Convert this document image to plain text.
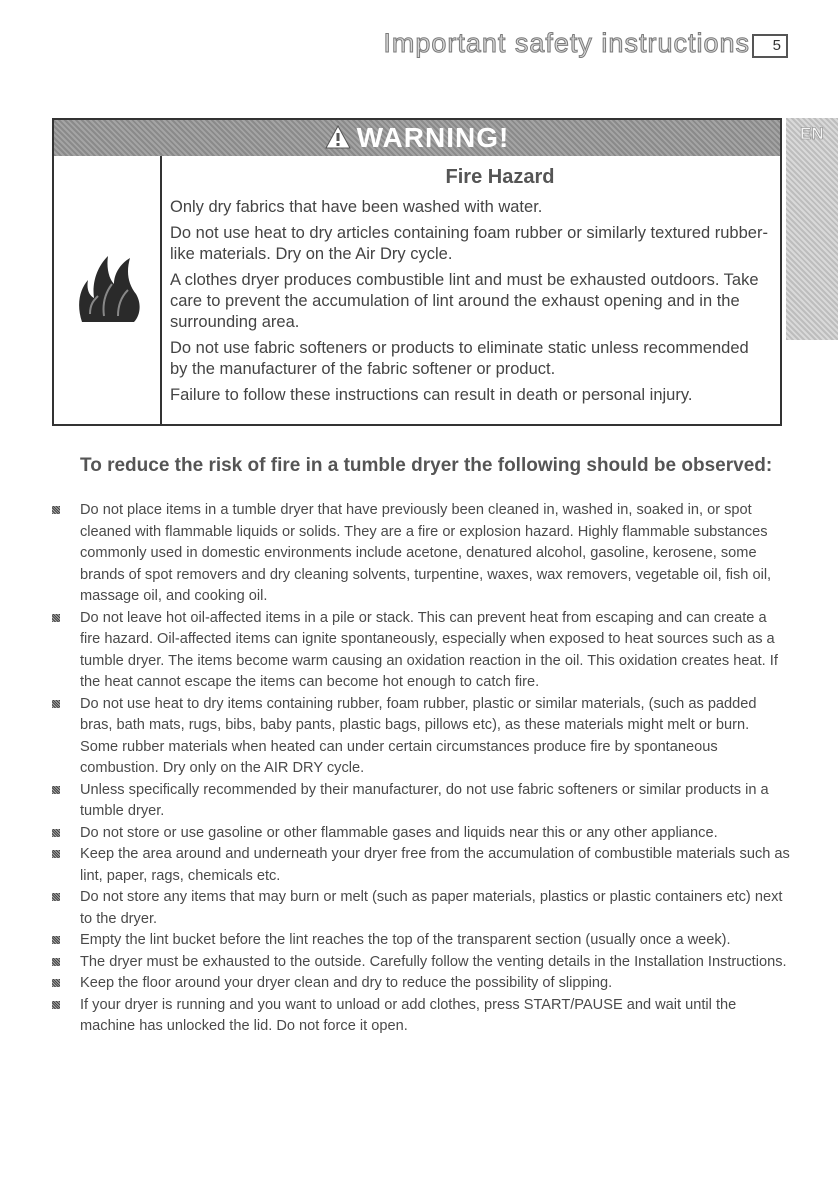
Important safety instructions	5
EN
WARNING!

Fire Hazard

Only dry fabrics that have been washed with water.

Do not use heat to dry articles containing foam rubber or similarly textured rubber-like materials. Dry on the Air Dry cycle.

A clothes dryer produces combustible lint and must be exhausted outdoors. Take care to prevent the accumulation of lint around the exhaust opening and in the surrounding area.

Do not use fabric softeners or products to eliminate static unless recommended by the manufacturer of the fabric softener or product.

Failure to follow these instructions can result in death or personal injury.

To reduce the risk of fire in a tumble dryer the following should be observed:
Do not place items in a tumble dryer that have previously been cleaned in, washed in, soaked in, or spot cleaned with flammable liquids or solids. They are a fire or explosion hazard. Highly flammable substances commonly used in domestic environments include acetone, denatured alcohol, gasoline, kerosene, some brands of spot removers and dry cleaning solvents, turpentine, waxes, wax removers, vegetable oil, fish oil, massage oil, and cooking oil.
Do not leave hot oil-affected items in a pile or stack. This can prevent heat from escaping and can create a fire hazard. Oil-affected items can ignite spontaneously, especially when exposed to heat sources such as a tumble dryer. The items become warm causing an oxidation reaction in the oil. This oxidation creates heat. If the heat cannot escape the items can become hot enough to catch fire.
Do not use heat to dry items containing rubber, foam rubber, plastic or similar materials, (such as padded bras, bath mats, rugs, bibs, baby pants, plastic bags, pillows etc), as these materials might melt or burn. Some rubber materials when heated can under certain circumstances produce fire by spontaneous combustion. Dry only on the AIR DRY cycle.
Unless specifically recommended by their manufacturer, do not use fabric softeners or similar products in a tumble dryer.
Do not store or use gasoline or other flammable gases and liquids near this or any other appliance.
Keep the area around and underneath your dryer free from the accumulation of combustible materials such as lint, paper, rags, chemicals etc.
Do not store any items that may burn or melt (such as paper materials, plastics or plastic containers etc) next to the dryer.
Empty the lint bucket before the lint reaches the top of the transparent section (usually once a week).
The dryer must be exhausted to the outside. Carefully follow the venting details in the Installation Instructions.
Keep the floor around your dryer clean and dry to reduce the possibility of slipping.
If your dryer is running and you want to unload or add clothes, press START/PAUSE and wait until the machine has unlocked the lid. Do not force it open.
